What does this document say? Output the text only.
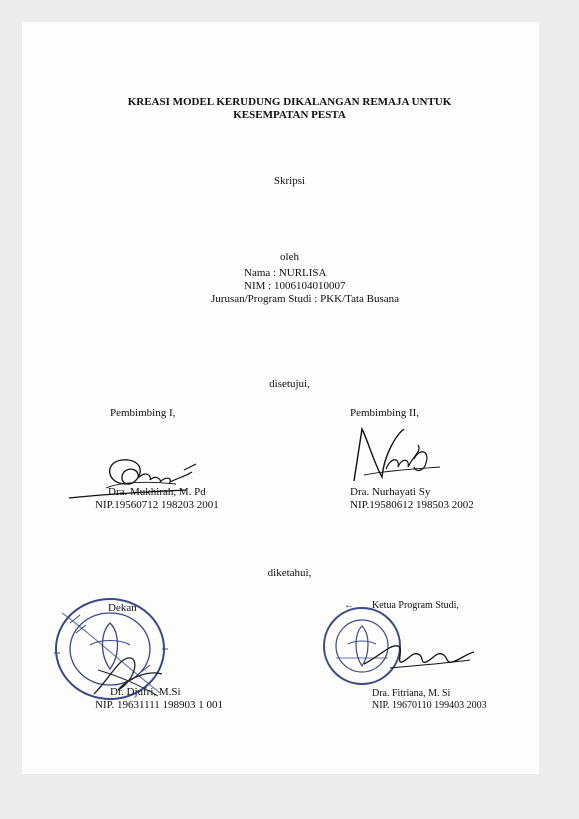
KREASI MODEL KERUDUNG DIKALANGAN REMAJA UNTUK
KESEMPATAN PESTA
Skripsi
oleh
Nama : NURLISA
NIM : 1006104010007
Jurusan/Program Studi : PKK/Tata Busana
disetujui,
Pembimbing I,
Dra. Mukhirah, M. Pd
NIP.19560712 198203 2001
Pembimbing II,
Dra. Nurhayati Sy
NIP.19580612 198503 2002
diketahui,
Dekan
Dr. Djufri, M.Si
NIP. 19631111 198903 1 001
← Ketua Program Studi,
Dra. Fitriana, M. Si
NIP. 19670110 199403 2003
